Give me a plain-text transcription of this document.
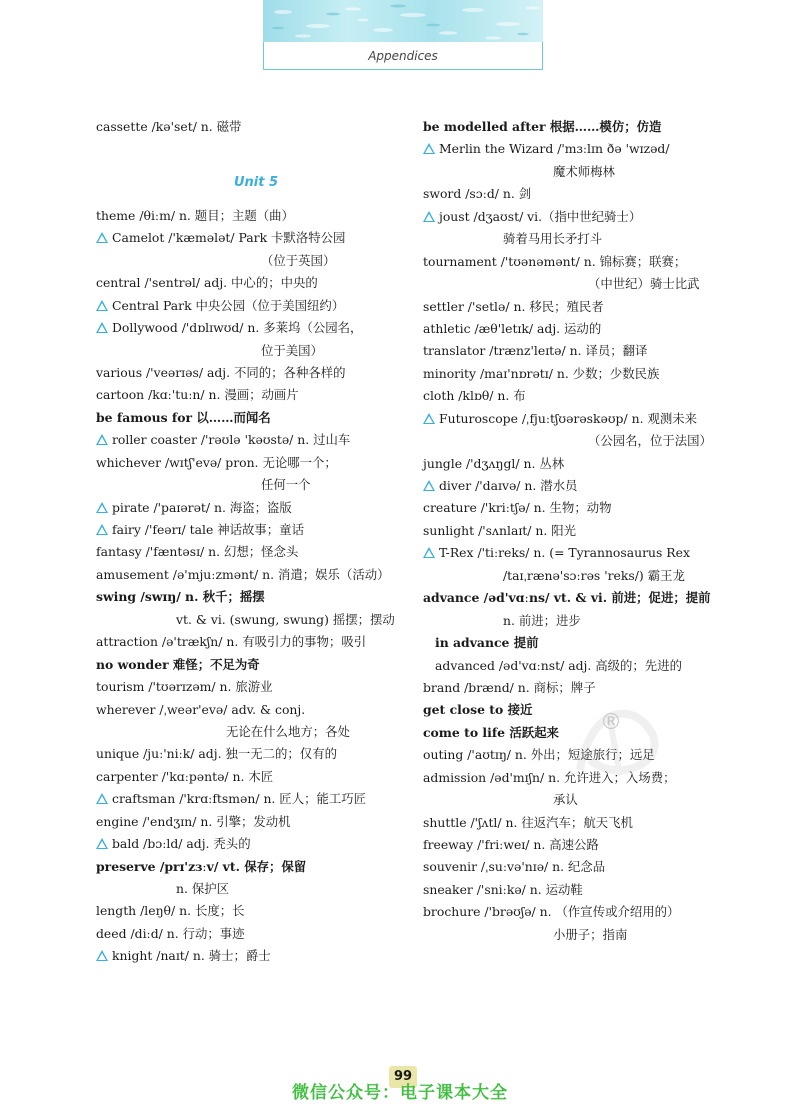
Appendices
cassette /kə'set/ n. 磁带
Unit 5
theme /θiːm/ n. 题目；主题（曲）
Camelot /'kæmələt/ Park 卡默洛特公园
（位于英国）
central /'sentrəl/ adj. 中心的；中央的
Central Park 中央公园（位于美国纽约）
Dollywood /'dɒlɪwʊd/ n. 多莱坞（公园名，
位于美国）
various /'veərɪəs/ adj. 不同的；各种各样的
cartoon /kɑː'tuːn/ n. 漫画；动画片
be famous for 以……而闻名
roller coaster /'rəʊlə 'kəʊstə/ n. 过山车
whichever /wɪtʃ'evə/ pron. 无论哪一个；
任何一个
pirate /'paɪərət/ n. 海盗；盗版
fairy /'feərɪ/ tale 神话故事；童话
fantasy /'fæntəsɪ/ n. 幻想；怪念头
amusement /ə'mjuːzmənt/ n. 消遣；娱乐（活动）
swing /swɪŋ/ n. 秋千；摇摆
vt. & vi. (swung, swung) 摇摆；摆动
attraction /ə'trækʃn/ n. 有吸引力的事物；吸引
no wonder 难怪；不足为奇
tourism /'tʊərɪzəm/ n. 旅游业
wherever /ˌweər'evə/ adv. & conj.
无论在什么地方；各处
unique /juː'niːk/ adj. 独一无二的；仅有的
carpenter /'kɑːpəntə/ n. 木匠
craftsman /'krɑːftsmən/ n. 匠人；能工巧匠
engine /'endʒɪn/ n. 引擎；发动机
bald /bɔːld/ adj. 秃头的
preserve /prɪ'zɜːv/ vt. 保存；保留
n. 保护区
length /leŋθ/ n. 长度；长
deed /diːd/ n. 行动；事迹
knight /naɪt/ n. 骑士；爵士
be modelled after 根据……模仿；仿造
Merlin the Wizard /'mɜːlɪn ðə 'wɪzəd/
魔术师梅林
sword /sɔːd/ n. 剑
joust /dʒaʊst/ vi.（指中世纪骑士）
骑着马用长矛打斗
tournament /'tʊənəmənt/ n. 锦标赛；联赛；
（中世纪）骑士比武
settler /'setlə/ n. 移民；殖民者
athletic /æθ'letɪk/ adj. 运动的
translator /trænz'leɪtə/ n. 译员；翻译
minority /maɪ'nɒrətɪ/ n. 少数；少数民族
cloth /klɒθ/ n. 布
Futuroscope /ˌfjuːtʃʊərəskəʊp/ n. 观测未来
（公园名，位于法国）
jungle /'dʒʌŋgl/ n. 丛林
diver /'daɪvə/ n. 潜水员
creature /'kriːtʃə/ n. 生物；动物
sunlight /'sʌnlaɪt/ n. 阳光
T-Rex /'tiːreks/ n. (= Tyrannosaurus Rex
/taɪˌrænə'sɔːrəs 'reks/) 霸王龙
advance /əd'vɑːns/ vt. & vi. 前进；促进；提前
n. 前进；进步
in advance 提前
advanced /əd'vɑːnst/ adj. 高级的；先进的
brand /brænd/ n. 商标；牌子
get close to 接近
come to life 活跃起来
outing /'aʊtɪŋ/ n. 外出；短途旅行；远足
admission /əd'mɪʃn/ n. 允许进入；入场费；
承认
shuttle /'ʃʌtl/ n. 往返汽车；航天飞机
freeway /'friːweɪ/ n. 高速公路
souvenir /ˌsuːvə'nɪə/ n. 纪念品
sneaker /'sniːkə/ n. 运动鞋
brochure /'brəʊʃə/ n. （作宣传或介绍用的）
小册子；指南
®
99
微信公众号：电子课本大全
